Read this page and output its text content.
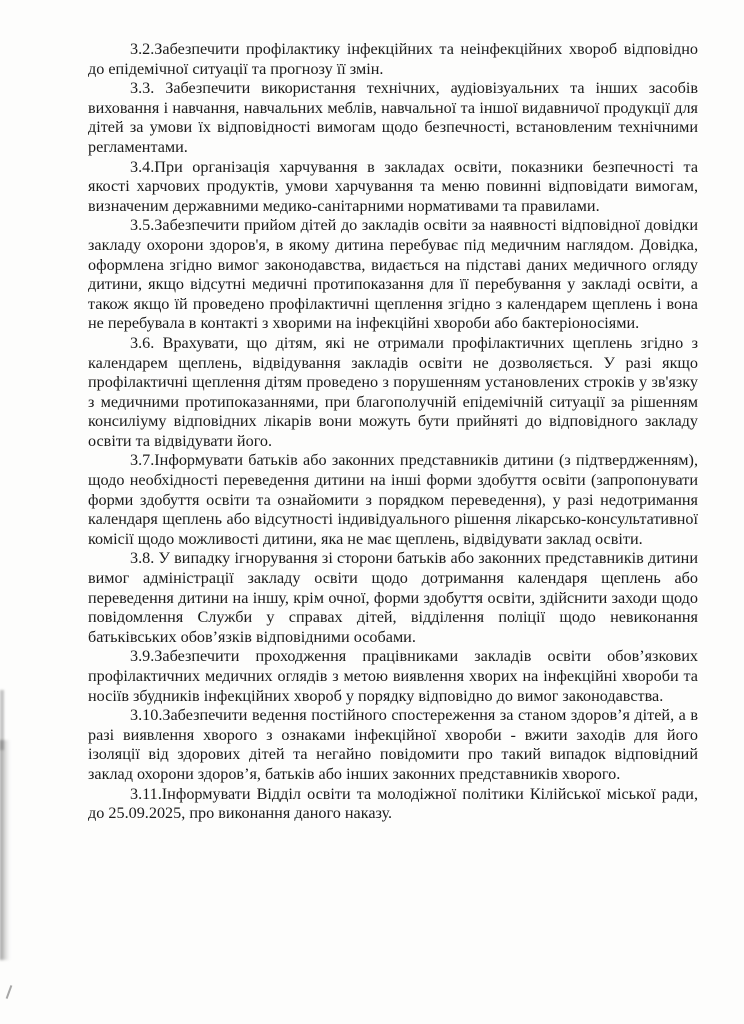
3.2.Забезпечити профілактику інфекційних та неінфекційних хвороб відповідно до епідемічної ситуації та прогнозу її змін.

3.3. Забезпечити використання технічних, аудіовізуальних та інших засобів виховання і навчання, навчальних меблів, навчальної та іншої видавничої продукції для дітей за умови їх відповідності вимогам щодо безпечності, встановленим технічними регламентами.

3.4.При організація харчування в закладах освіти, показники безпечності та якості харчових продуктів, умови харчування та меню повинні відповідати вимогам, визначеним державними медико-санітарними нормативами та правилами.

3.5.Забезпечити прийом дітей до закладів освіти за наявності відповідної довідки закладу охорони здоров'я, в якому дитина перебуває під медичним наглядом. Довідка, оформлена згідно вимог законодавства, видається на підставі даних медичного огляду дитини, якщо відсутні медичні протипоказання для її перебування у закладі освіти, а також якщо їй проведено профілактичні щеплення згідно з календарем щеплень і вона не перебувала в контакті з хворими на інфекційні хвороби або бактеріоносіями.

3.6. Врахувати, що дітям, які не отримали профілактичних щеплень згідно з календарем щеплень, відвідування закладів освіти не дозволяється. У разі якщо профілактичні щеплення дітям проведено з порушенням установлених строків у зв'язку з медичними протипоказаннями, при благополучній епідемічній ситуації за рішенням консиліуму відповідних лікарів вони можуть бути прийняті до відповідного закладу освіти та відвідувати його.

3.7.Інформувати батьків або законних представників дитини (з підтвердженням), щодо необхідності переведення дитини на інші форми здобуття освіти (запропонувати форми здобуття освіти та ознайомити з порядком переведення), у разі недотримання календаря щеплень або відсутності індивідуального рішення лікарсько-консультативної комісії щодо можливості дитини, яка не має щеплень, відвідувати заклад освіти.

3.8. У випадку ігнорування зі сторони батьків або законних представників дитини вимог адміністрації закладу освіти щодо дотримання календаря щеплень або переведення дитини на іншу, крім очної, форми здобуття освіти, здійснити заходи щодо повідомлення Служби у справах дітей, відділення поліції щодо невиконання батьківських обов’язків відповідними особами.

3.9.Забезпечити проходження працівниками закладів освіти обов’язкових профілактичних медичних оглядів з метою виявлення хворих на інфекційні хвороби та носіїв збудників інфекційних хвороб у порядку відповідно до вимог законодавства.

3.10.Забезпечити ведення постійного спостереження за станом здоров’я дітей, а в разі виявлення хворого з ознаками інфекційної хвороби - вжити заходів для його ізоляції від здорових дітей та негайно повідомити про такий випадок відповідний заклад охорони здоров’я, батьків або інших законних представників хворого.

3.11.Інформувати Відділ освіти та молодіжної політики Кілійської міської ради, до 25.09.2025, про виконання даного наказу.
